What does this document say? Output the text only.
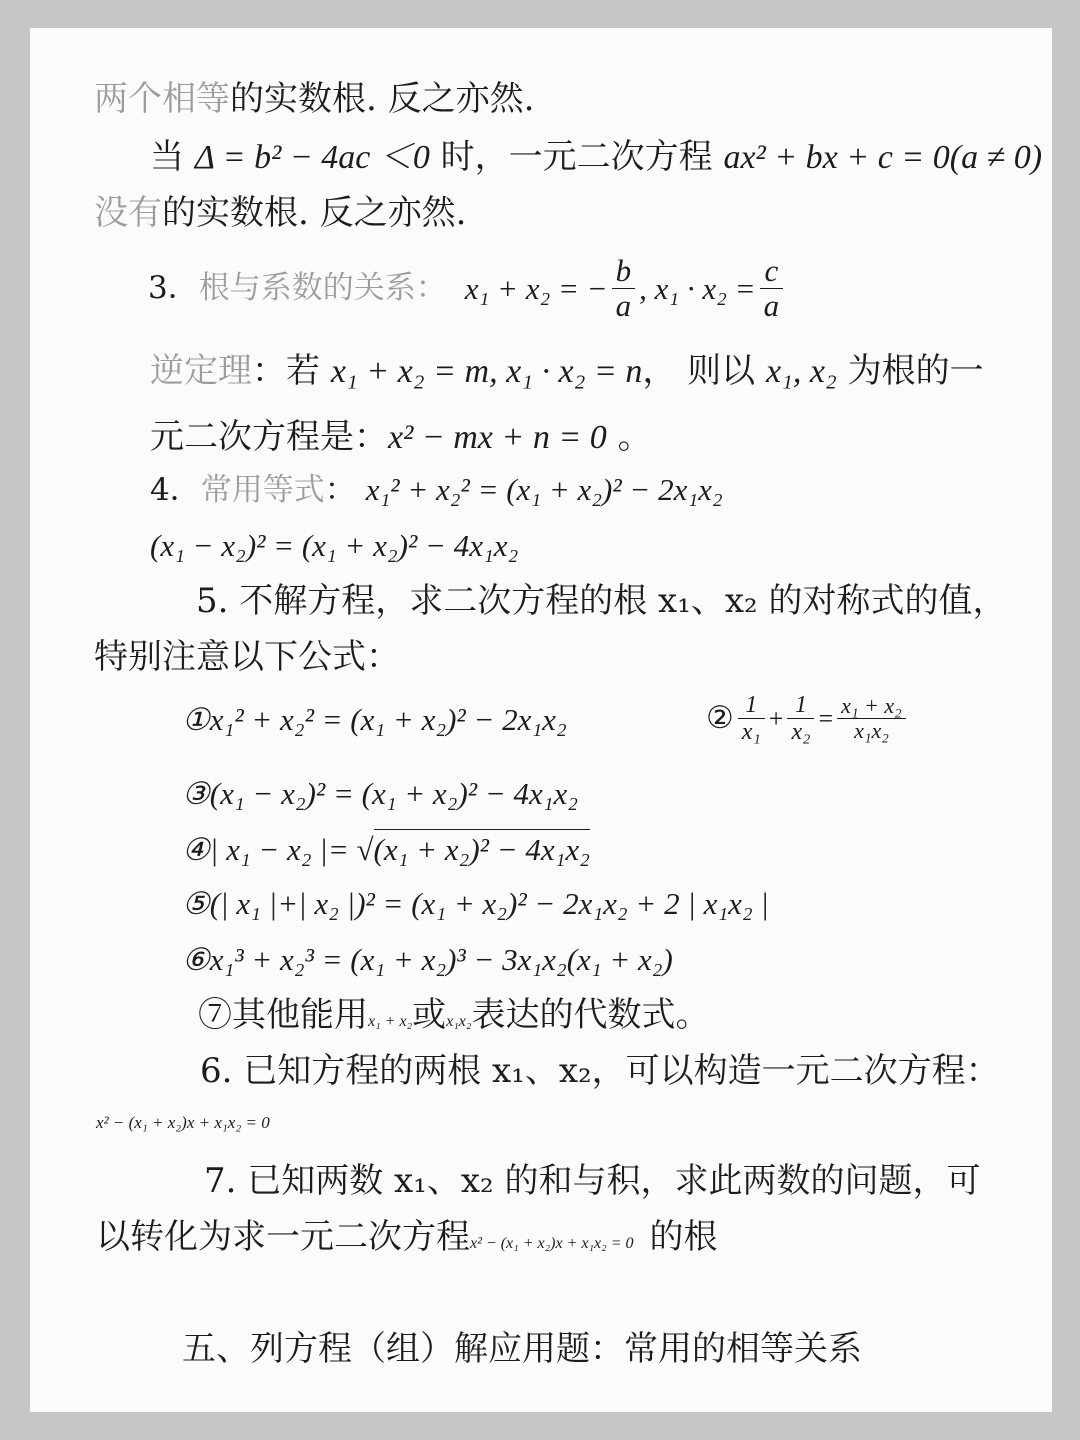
两个相等的实数根. 反之亦然.
当 Δ = b² − 4ac ＜0 时，一元二次方程 ax² + bx + c = 0(a ≠ 0)
没有的实数根. 反之亦然.
3． 根与系数的关系： x₁ + x₂ = − $\frac{b}{a}$ , $x_1 \cdot x_2 = \frac{c}{a}$
逆定理：若 x₁ + x₂ = m, x₁ · x₂ = n， 则以 x₁, x₂ 为根的一
元二次方程是：x² − mx + n = 0 。
4．常用等式： x₁² + x₂² = (x₁ + x₂)² − 2x₁x₂
(x₁ − x₂)² = (x₁ + x₂)² − 4x₁x₂
5. 不解方程，求二次方程的根 x₁、x₂ 的对称式的值，
特别注意以下公式：
①x₁² + x₂² = (x₁ + x₂)² − 2x₁x₂	② $\frac{1}{\text{x₁}} + \frac{1}{\text{x₂}} = \frac{\text{x₁ + x₂}}{\text{x₁x₂}}$
③(x₁ − x₂)² = (x₁ + x₂)² − 4x₁x₂
④| x₁ − x₂ |= √(x₁ + x₂)² − 4x₁x₂
⑤(| x₁ |+| x₂ |)² = (x₁ + x₂)² − 2x₁x₂ + 2 | x₁x₂ |
⑥x₁³ + x₂³ = (x₁ + x₂)³ − 3x₁x₂(x₁ + x₂)
⑦其他能用x₁ + x₂或x₁x₂表达的代数式。
6. 已知方程的两根 x₁、x₂，可以构造一元二次方程：
x² − (x₁ + x₂)x + x₁x₂ = 0
7. 已知两数 x₁、x₂ 的和与积，求此两数的问题，可
以转化为求一元二次方程x² − (x₁ + x₂)x + x₁x₂ = 0 的根
五、列方程（组）解应用题：常用的相等关系
